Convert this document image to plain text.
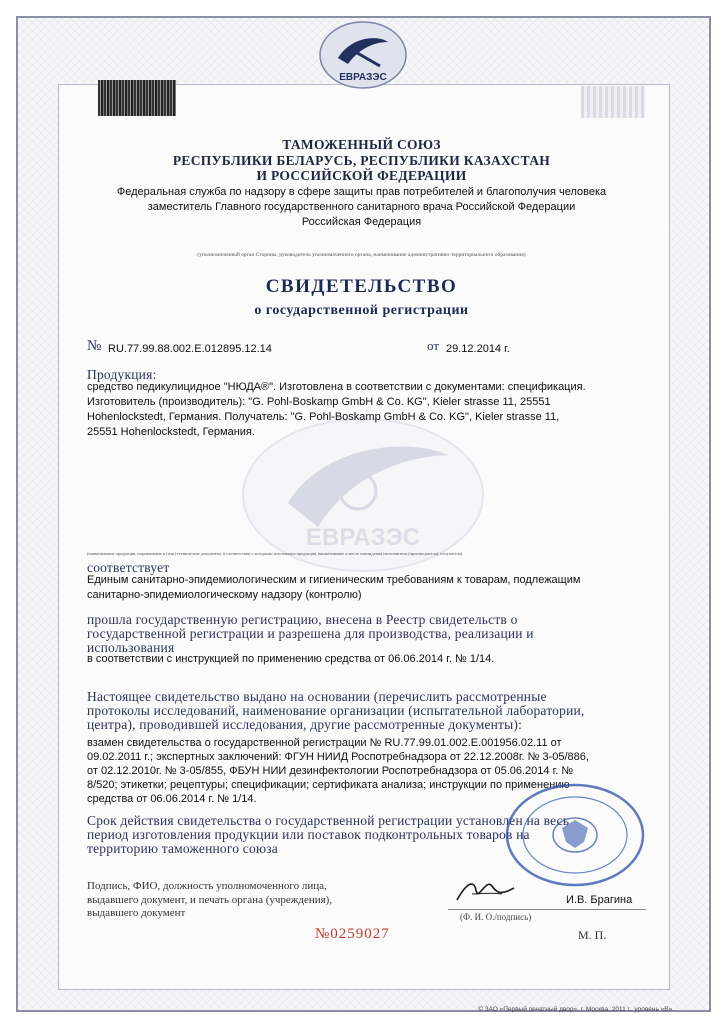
ЕВРАЗЭС
ЕВРАЗЭС
ТАМОЖЕННЫЙ СОЮЗ
РЕСПУБЛИКИ БЕЛАРУСЬ, РЕСПУБЛИКИ КАЗАХСТАН
И РОССИЙСКОЙ ФЕДЕРАЦИИ
Федеральная служба по надзору в сфере защиты прав потребителей и благополучия человека
заместитель Главного государственного санитарного врача Российской Федерации
Российская Федерация
(уполномоченный орган Стороны, руководитель уполномоченного органа, наименование административно-территориального образования)
СВИДЕТЕЛЬСТВО
о государственной регистрации
№ RU.77.99.88.002.Е.012895.12.14	от 29.12.2014 г.
Продукция:
средство педикулицидное "НЮДА®". Изготовлена в соответствии с документами: спецификация.
Изготовитель (производитель): "G. Pohl-Boskamp GmbH & Co. KG", Kieler strasse 11, 25551
Hohenlockstedt, Германия. Получатель: "G. Pohl-Boskamp GmbH & Co. KG", Kieler strasse 11,
25551 Hohenlockstedt, Германия.
(наименование продукции, нормативные и (или) технические документы, в соответствии с которыми изготовлена продукция, наименование и место нахождения изготовителя (производителя), получателя)
соответствует
Единым санитарно-эпидемиологическим и гигиеническим требованиям к товарам, подлежащим
санитарно-эпидемиологическому надзору (контролю)
прошла государственную регистрацию, внесена в Реестр свидетельств о
государственной регистрации и разрешена для производства, реализации и
использования
в соответствии с инструкцией по применению средства от 06.06.2014 г. № 1/14.
Настоящее свидетельство выдано на основании (перечислить рассмотренные
протоколы исследований, наименование организации (испытательной лаборатории,
центра), проводившей исследования, другие рассмотренные документы):
взамен свидетельства о государственной регистрации № RU.77.99.01.002.Е.001956.02.11 от
09.02.2011 г.; экспертных заключений: ФГУН НИИД Роспотребнадзора от 22.12.2008г. № 3-05/886,
от 02.12.2010г. № 3-05/855, ФБУН НИИ дезинфектологии Роспотребнадзора от 05.06.2014 г. №
8/520; этикетки; рецептуры; спецификации; сертификата анализа; инструкции по применению
средства от 06.06.2014 г. № 1/14.
Срок действия свидетельства о государственной регистрации установлен на весь
период изготовления продукции или поставок подконтрольных товаров на
территорию таможенного союза
Подпись, ФИО, должность уполномоченного лица,
выдавшего документ, и печать органа (учреждения),
выдавшего документ
И.В. Брагина
(Ф. И. О./подпись)
М. П.
№0259027
© ЗАО «Первый печатный двор», г. Москва, 2011 г., уровень «В».
